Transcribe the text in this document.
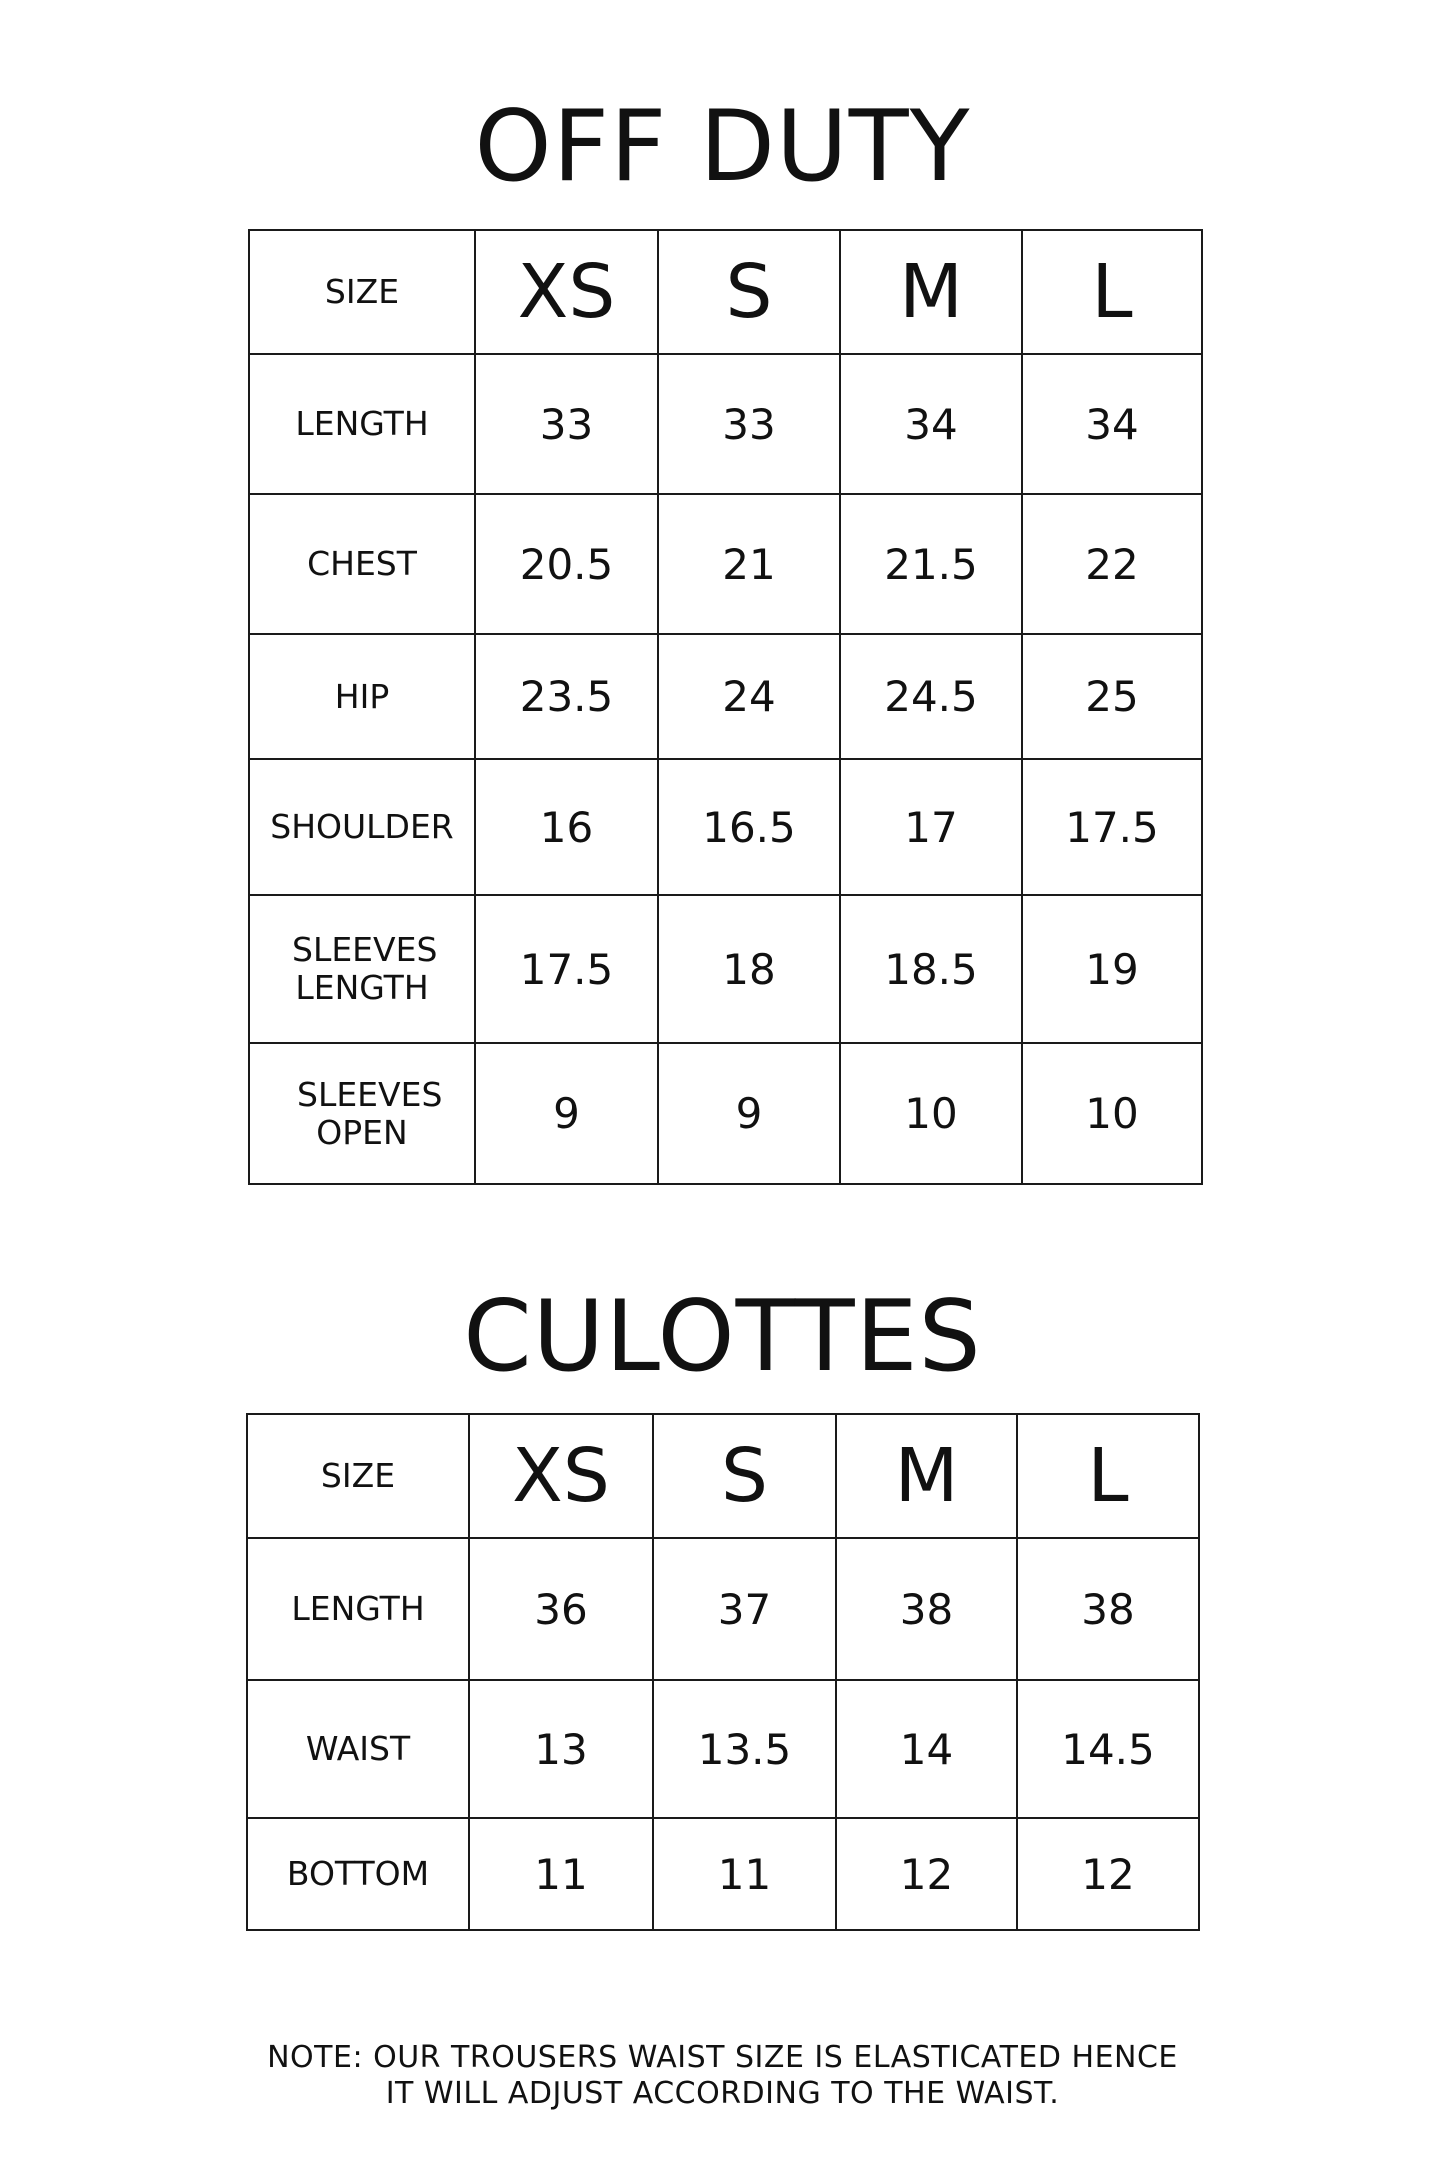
OFF DUTY
SIZE	XS	S	M	L
LENGTH	33	33	34	34
CHEST	20.5	21	21.5	22
HIP	23.5	24	24.5	25
SHOULDER	16	16.5	17	17.5
SLEEVES LENGTH	17.5	18	18.5	19
SLEEVES OPEN	9	9	10	10
CULOTTES
SIZE	XS	S	M	L
LENGTH	36	37	38	38
WAIST	13	13.5	14	14.5
BOTTOM	11	11	12	12
NOTE: OUR TROUSERS WAIST SIZE IS ELASTICATED HENCE
IT WILL ADJUST ACCORDING TO THE WAIST.
